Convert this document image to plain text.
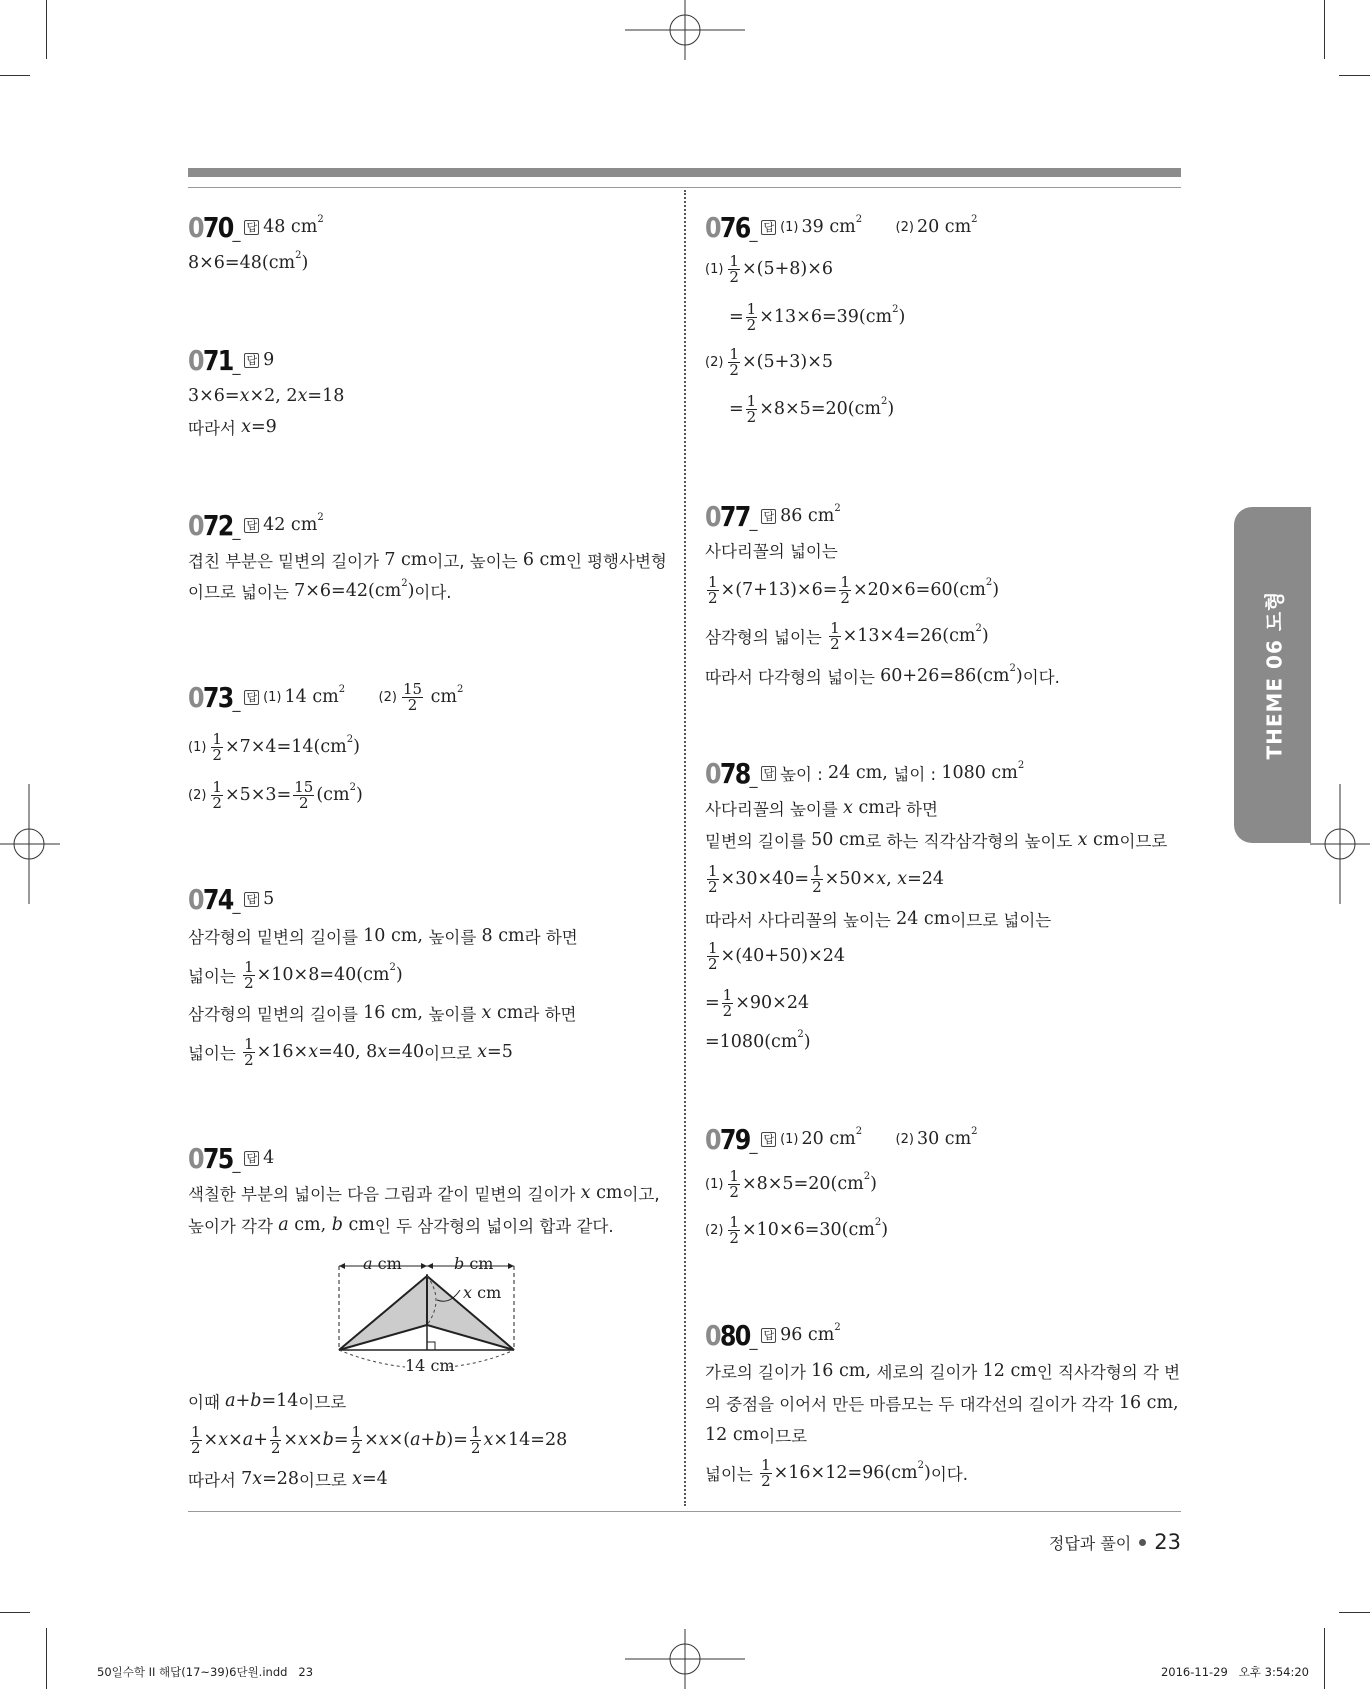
THEME 06 도형
070 _ 답 48 cm 2
8×6=48(cm 2 )
071 _ 답 9
3×6= x ×2, 2 x =18
따라서 x =9
072 _ 답 42 cm 2
겹친 부분은 밑변의 길이가 7 cm 이고, 높이는 6 cm 인 평행사변형
이므로 넓이는 7×6=42(cm 2 ) 이다.
073 _ 답 (1) 14 cm 2

$(2) \frac{15}{2}$ cm 2
$(1) \frac{1}{2} \times 7\times 4=14(cm$ 2 )
$(2) \frac{1}{2} \times 5\times 3= \frac{15}{2} (cm$ 2 )
074 _ 답 5
삼각형의 밑변의 길이를 10 cm, 높이를 8 cm 라 하면
넓이는 $\frac{1}{2} \times 10\times 8=40(cm$ 2 )
삼각형의 밑변의 길이를 16 cm, 높이를 x cm 라 하면
넓이는 $\frac{1}{2} \times 16\times x =40$, 8 x =40 이므로 x =5
075 _ 답 4
색칠한 부분의 넓이는 다음 그림과 같이 밑변의 길이가 x cm 이고,
높이가 각각 a cm, b cm 인 두 삼각형의 넓이의 합과 같다.
이때 a + b =14 이므로
$\frac{1}{2} \times x \times a + \frac{1}{2} \times x \times b = \frac{1}{2} \times x$ ×( a + b )= $\frac{1}{2}$ x ×14=28
따라서 7 x =28 이므로 x =4
076 _ 답 (1) 39 cm 2

(2) 20 cm 2
$(1) \frac{1}{2} \times(5+8)\times 6$
= $\frac{1}{2} \times 13\times 6=39(cm$ 2 )
$(2) \frac{1}{2} \times(5+3)\times 5$
= $\frac{1}{2} \times 8\times 5=20(cm$ 2 )
077 _ 답 86 cm 2
사다리꼴의 넓이는
$\frac{1}{2} \times(7+13)\times 6= \frac{1}{2} \times 20\times 6=60(cm$ 2 )
삼각형의 넓이는 $\frac{1}{2} \times 13\times 4=26(cm$ 2 )
따라서 다각형의 넓이는 60+26=86(cm 2 ) 이다.
078 _ 답 높이 : 24 cm, 넓이 : 1080 cm 2
사다리꼴의 높이를 x cm 라 하면
밑변의 길이를 50 cm 로 하는 직각삼각형의 높이도 x cm 이므로
$\frac{1}{2} \times 30\times 40= \frac{1}{2} \times 50\times x$ , x =24
따라서 사다리꼴의 높이는 24 cm 이므로 넓이는
$\frac{1}{2} \times(40+50)\times 24$
= $\frac{1}{2} \times 90\times 24$
=1080(cm 2 )
079 _ 답 (1) 20 cm 2

(2) 30 cm 2
$(1) \frac{1}{2} \times 8\times 5=20(cm$ 2 )
$(2) \frac{1}{2} \times 10\times 6=30(cm$ 2 )
080 _ 답 96 cm 2
가로의 길이가 16 cm, 세로의 길이가 12 cm 인 직사각형의 각 변
의 중점을 이어서 만든 마름모는 두 대각선의 길이가 각각 16 cm,
12 cm 이므로
넓이는 $\frac{1}{2} \times 16\times 12=96(cm$ 2 ) 이다.
a cm	b cm
x cm
14 cm
정답과 풀이 23
50일수학 II 해답(17~39)6단원.indd   23	2016-11-29   오후 3:54:20
